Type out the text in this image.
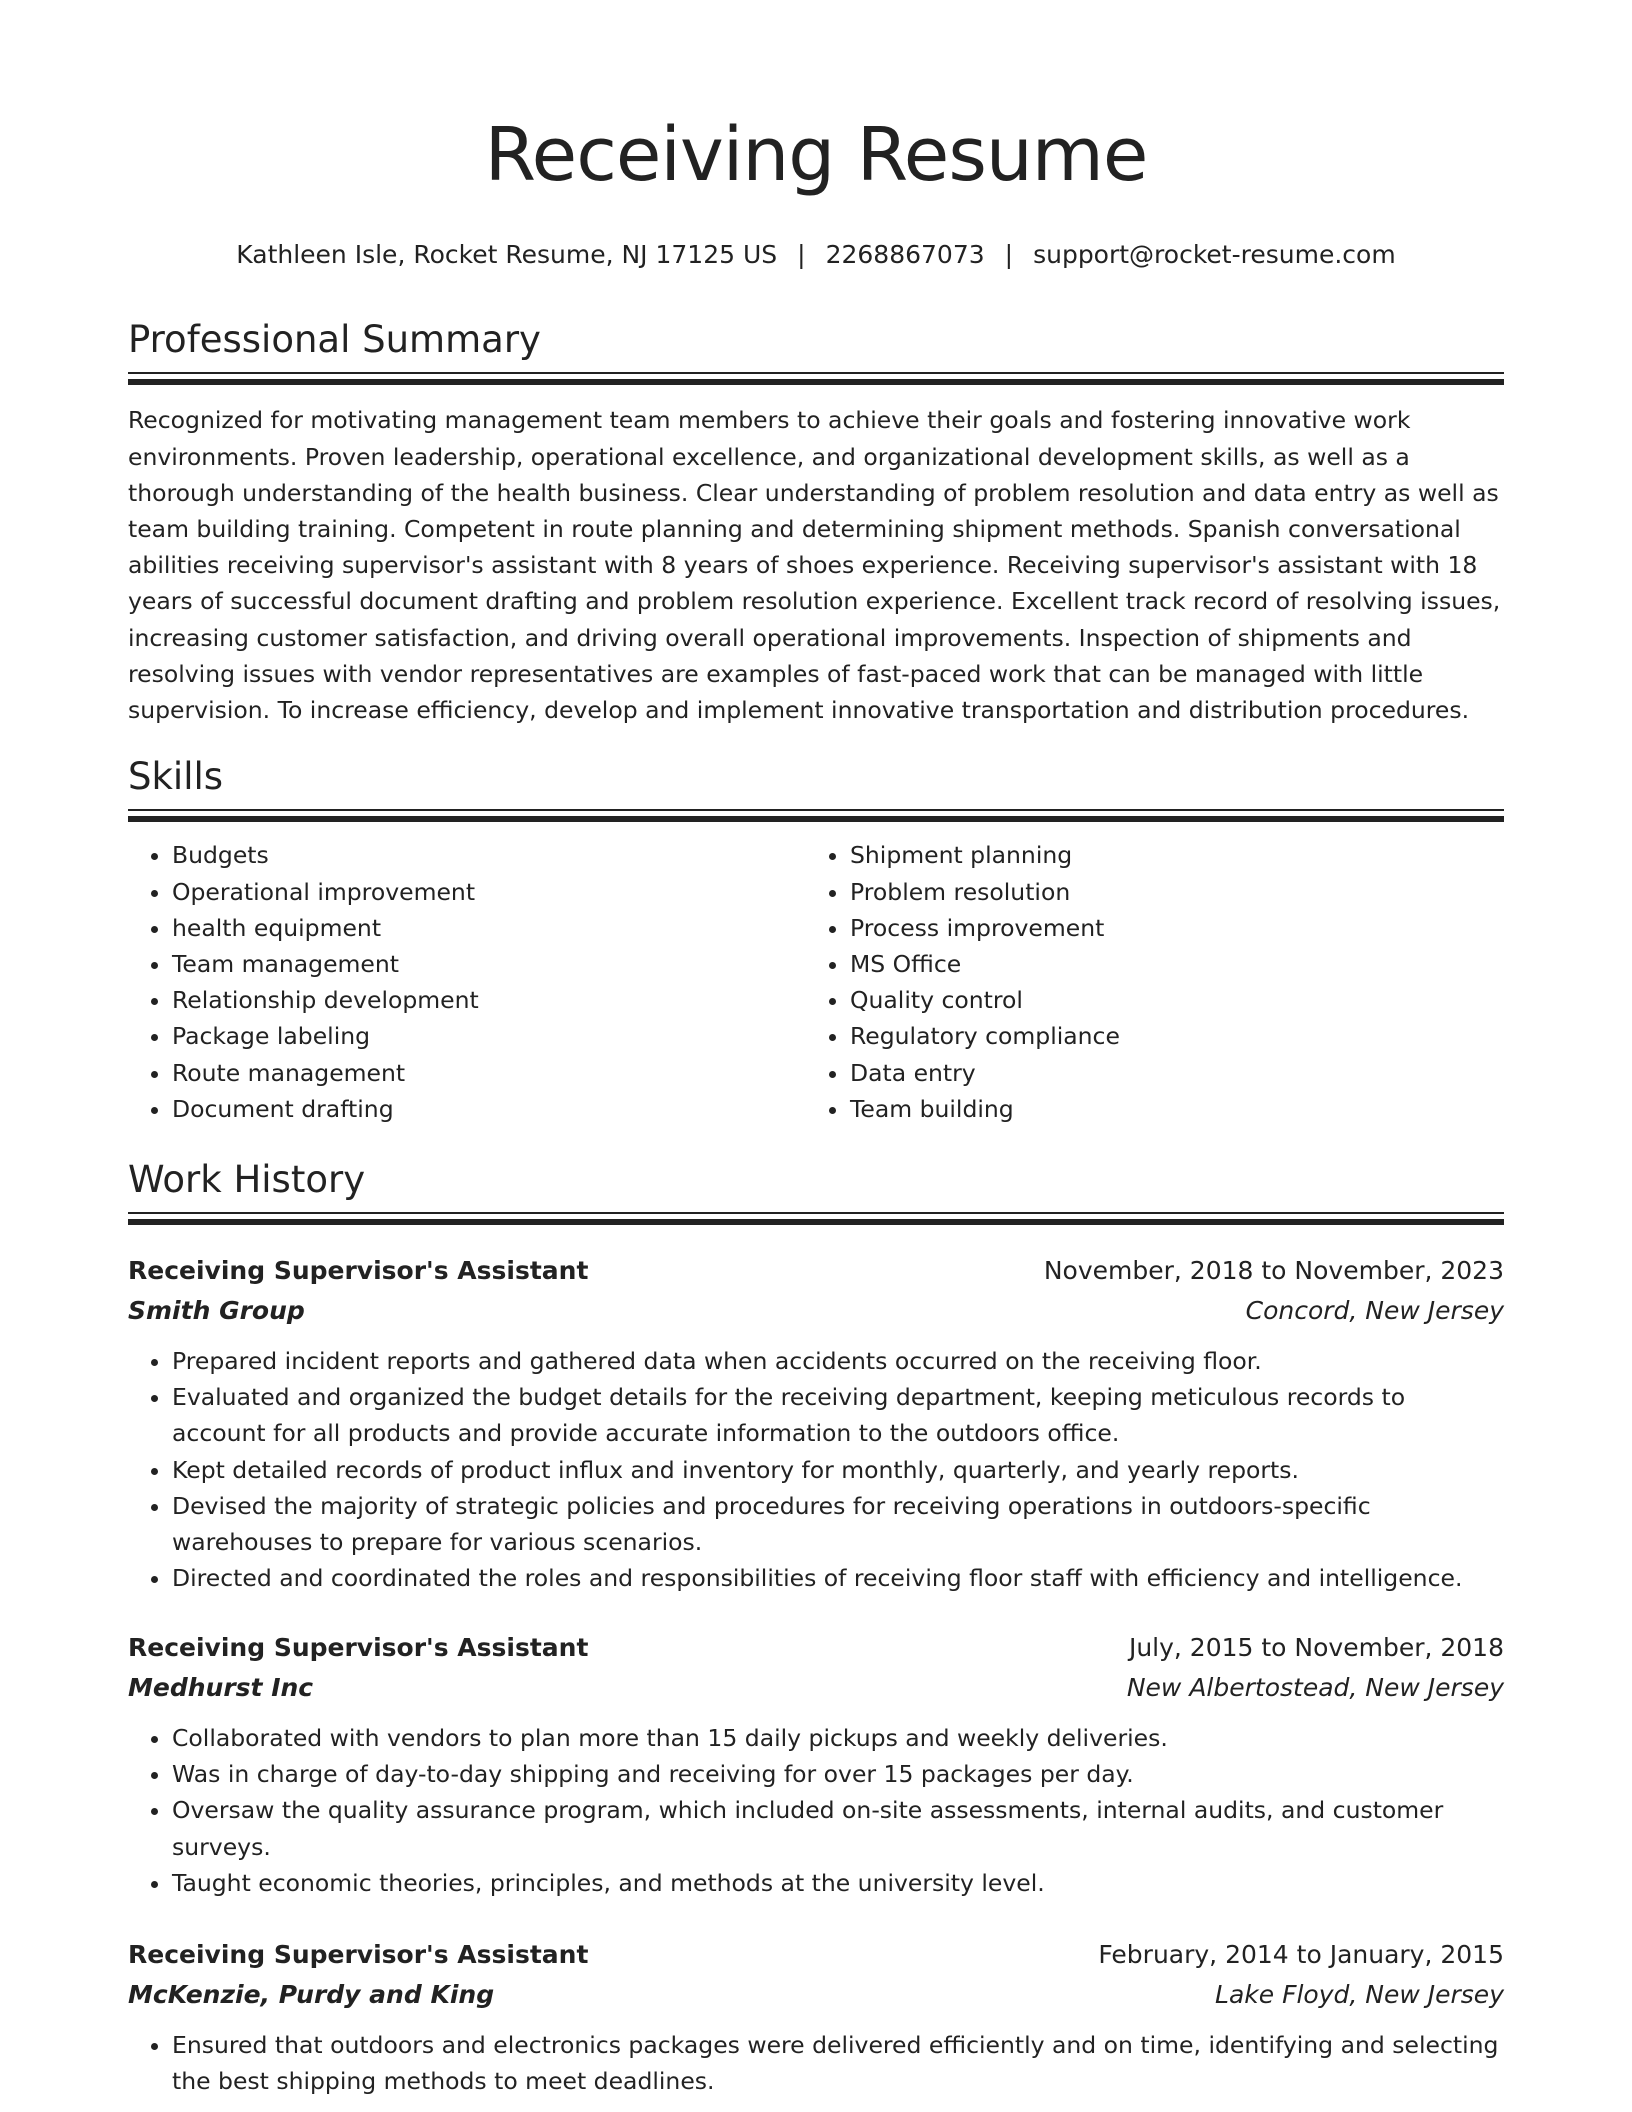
Receiving Resume
Kathleen Isle, Rocket Resume, NJ 17125 US | 2268867073 | support@rocket-resume.com
Professional Summary

Recognized for motivating management team members to achieve their goals and fostering innovative work environments. Proven leadership, operational excellence, and organizational development skills, as well as a thorough understanding of the health business. Clear understanding of problem resolution and data entry as well as team building training. Competent in route planning and determining shipment methods. Spanish conversational abilities receiving supervisor's assistant with 8 years of shoes experience. Receiving supervisor's assistant with 18 years of successful document drafting and problem resolution experience. Excellent track record of resolving issues, increasing customer satisfaction, and driving overall operational improvements. Inspection of shipments and resolving issues with vendor representatives are examples of fast-paced work that can be managed with little supervision. To increase efficiency, develop and implement innovative transportation and distribution procedures.

Skills
• Budgets
• Operational improvement
• health equipment
• Team management
• Relationship development
• Package labeling
• Route management
• Document drafting
• Shipment planning
• Problem resolution
• Process improvement
• MS Office
• Quality control
• Regulatory compliance
• Data entry
• Team building
Work History
Receiving Supervisor's Assistant	November, 2018 to November, 2023
Smith Group	Concord, New Jersey
• Prepared incident reports and gathered data when accidents occurred on the receiving floor.
• Evaluated and organized the budget details for the receiving department, keeping meticulous records to account for all products and provide accurate information to the outdoors office.
• Kept detailed records of product influx and inventory for monthly, quarterly, and yearly reports.
• Devised the majority of strategic policies and procedures for receiving operations in outdoors-specific warehouses to prepare for various scenarios.
• Directed and coordinated the roles and responsibilities of receiving floor staff with efficiency and intelligence.
Receiving Supervisor's Assistant	July, 2015 to November, 2018
Medhurst Inc	New Albertostead, New Jersey
• Collaborated with vendors to plan more than 15 daily pickups and weekly deliveries.
• Was in charge of day-to-day shipping and receiving for over 15 packages per day.
• Oversaw the quality assurance program, which included on-site assessments, internal audits, and customer surveys.
• Taught economic theories, principles, and methods at the university level.
Receiving Supervisor's Assistant	February, 2014 to January, 2015
McKenzie, Purdy and King	Lake Floyd, New Jersey
• Ensured that outdoors and electronics packages were delivered efficiently and on time, identifying and selecting the best shipping methods to meet deadlines.
